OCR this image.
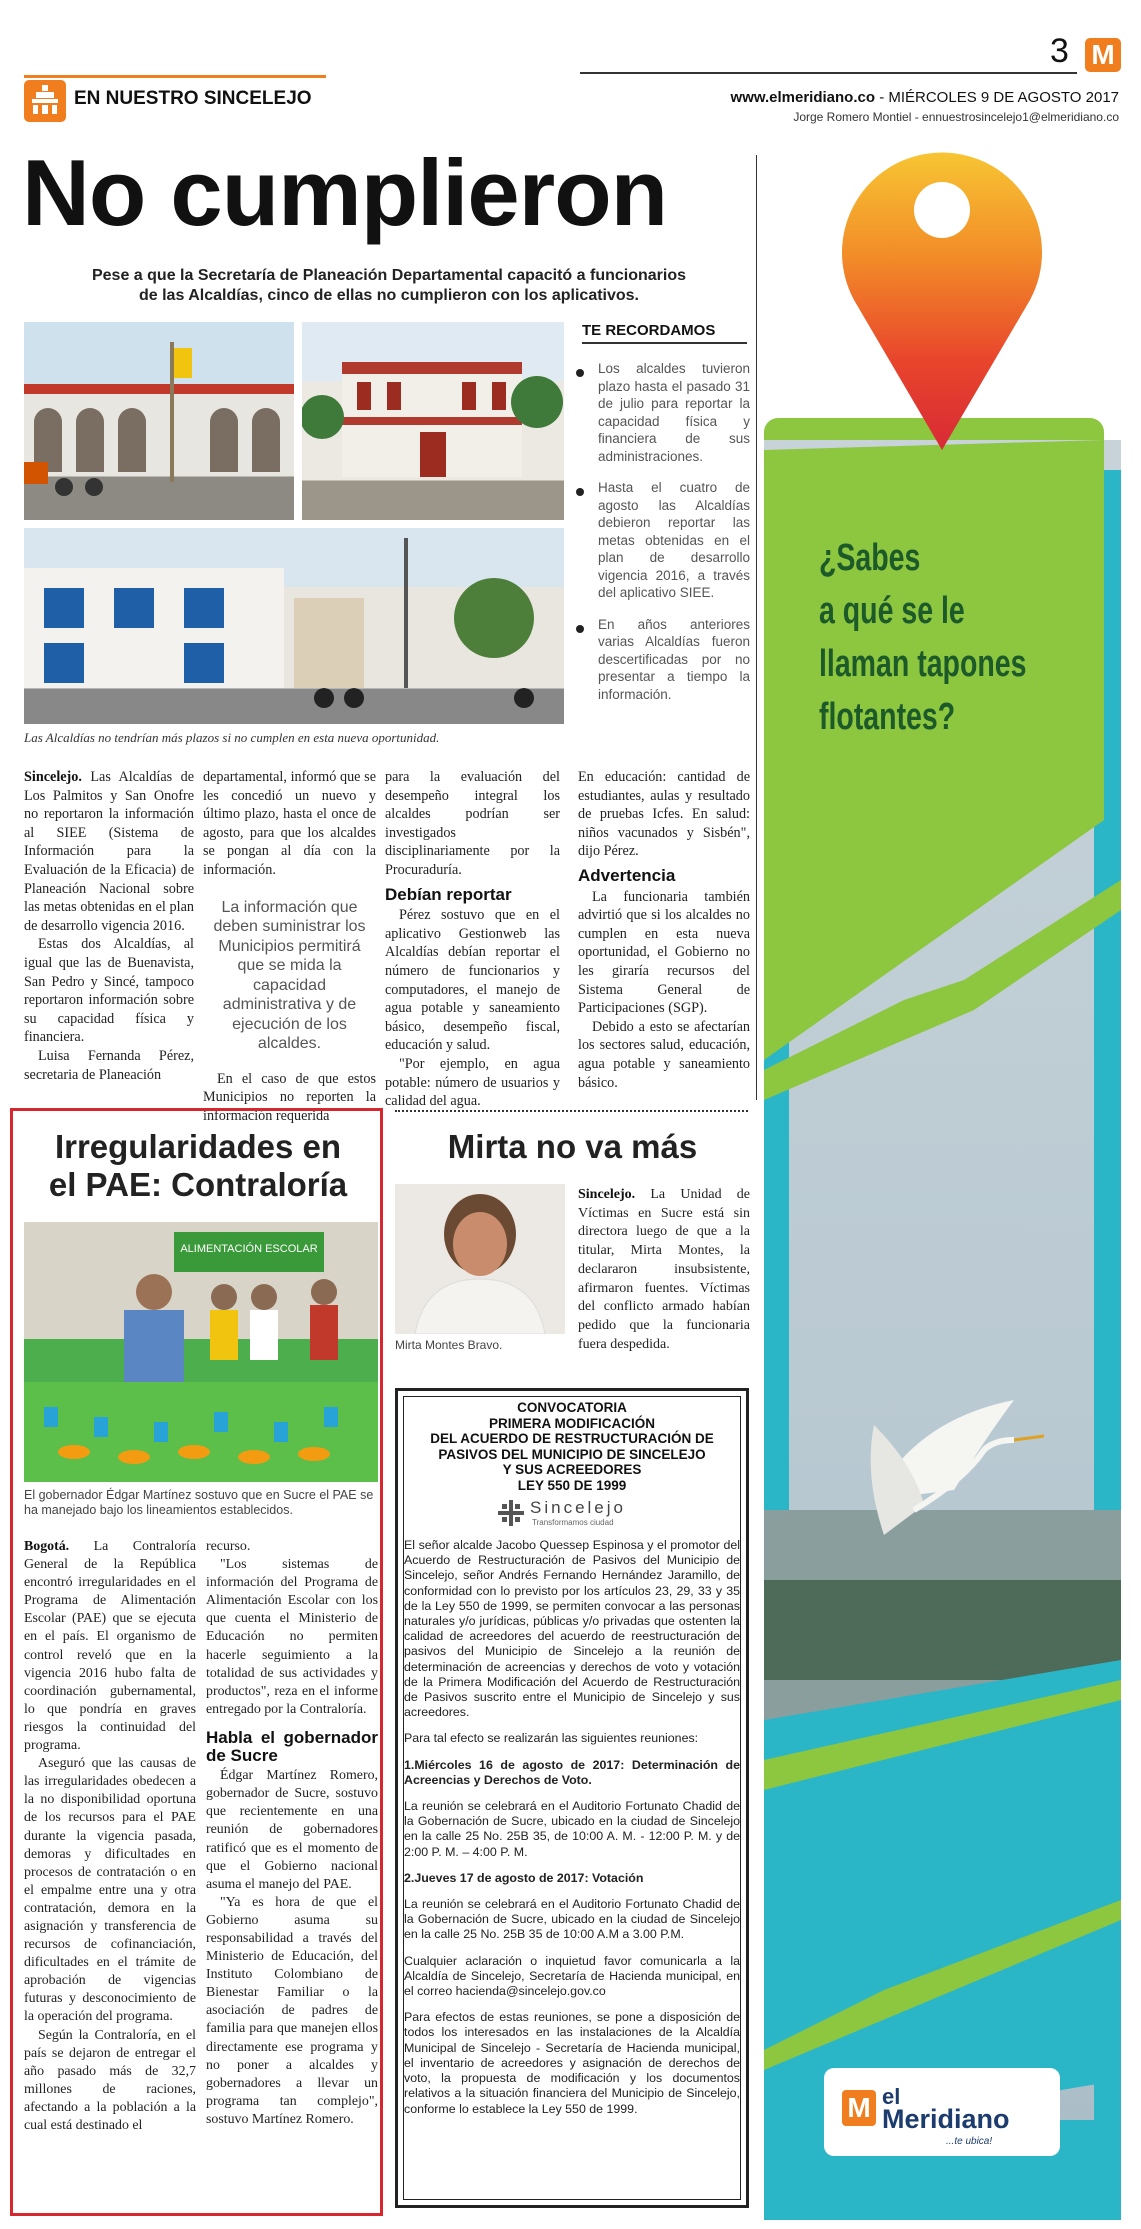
3 M
EN NUESTRO SINCELEJO	www.elmeridiano.co - MIÉRCOLES 9 DE AGOSTO 2017
Jorge Romero Montiel - ennuestrosincelejo1@elmeridiano.co
No cumplieron
Pese a que la Secretaría de Planeación Departamental capacitó a funcionarios
de las Alcaldías, cinco de ellas no cumplieron con los aplicativos.
Las Alcaldías no tendrían más plazos si no cumplen en esta nueva oportunidad.
TE RECORDAMOS
Los alcaldes tuvieron plazo hasta el pasado 31 de julio para reportar la capacidad física y financiera de sus administraciones.
Hasta el cuatro de agosto las Alcaldías debieron reportar las metas obtenidas en el plan de desarrollo vigencia 2016, a través del aplicativo SIEE.
En años anteriores varias Alcaldías fueron descertificadas por no presentar a tiempo la información.

Sincelejo. Las Alcaldías de Los Palmitos y San Onofre no reportaron la información al SIEE (Sistema de Información para la Evaluación de la Eficacia) de Planeación Nacional sobre las metas obtenidas en el plan de desarrollo vigencia 2016.

Estas dos Alcaldías, al igual que las de Buenavista, San Pedro y Sincé, tampoco reportaron información sobre su capacidad física y financiera.

Luisa Fernanda Pérez, secretaria de Planeación

departamental, informó que se les concedió un nuevo y último plazo, hasta el once de agosto, para que los alcaldes se pongan al día con la información.

La información que deben suministrar los Municipios permitirá que se mida la capacidad administrativa y de ejecución de los alcaldes.

En el caso de que estos Municipios no reporten la información requerida

para la evaluación del desempeño integral los alcaldes podrían ser investigados disciplinariamente por la Procuraduría.

Debían reportar

Pérez sostuvo que en el aplicativo Gestionweb las Alcaldías debían reportar el número de funcionarios y computadores, el manejo de agua potable y saneamiento básico, desempeño fiscal, educación y salud.

"Por ejemplo, en agua potable: número de usuarios y calidad del agua.

En educación: cantidad de estudiantes, aulas y resultado de pruebas Icfes. En salud: niños vacunados y Sisbén", dijo Pérez.

Advertencia

La funcionaria también advirtió que si los alcaldes no cumplen en esta nueva oportunidad, el Gobierno no les giraría recursos del Sistema General de Participaciones (SGP).

Debido a esto se afectarían los sectores salud, educación, agua potable y saneamiento básico.

Irregularidades en
el PAE: Contraloría
ALIMENTACIÓN ESCOLAR
El gobernador Édgar Martínez sostuvo que en Sucre el PAE se ha manejado bajo los lineamientos establecidos.

Bogotá. La Contraloría General de la República encontró irregularidades en el Programa de Alimentación Escolar (PAE) que se ejecuta en el país. El organismo de control reveló que en la vigencia 2016 hubo falta de coordinación gubernamental, lo que pondría en graves riesgos la continuidad del programa.

Aseguró que las causas de las irregularidades obedecen a la no disponibilidad oportuna de los recursos para el PAE durante la vigencia pasada, demoras y dificultades en procesos de contratación o en el empalme entre una y otra contratación, demora en la asignación y transferencia de recursos de cofinanciación, dificultades en el trámite de aprobación de vigencias futuras y desconocimiento de la operación del programa.

Según la Contraloría, en el país se dejaron de entregar el año pasado más de 32,7 millones de raciones, afectando a la población a la cual está destinado el

recurso.

"Los sistemas de información del Programa de Alimentación Escolar con los que cuenta el Ministerio de Educación no permiten hacerle seguimiento a la totalidad de sus actividades y productos", reza en el informe entregado por la Contraloría.

Habla el gobernador de Sucre

Édgar Martínez Romero, gobernador de Sucre, sostuvo que recientemente en una reunión de gobernadores ratificó que es el momento de que el Gobierno nacional asuma el manejo del PAE.

"Ya es hora de que el Gobierno asuma su responsabilidad a través del Ministerio de Educación, del Instituto Colombiano de Bienestar Familiar o la asociación de padres de familia para que manejen ellos directamente ese programa y no poner a alcaldes y gobernadores a llevar un programa tan complejo", sostuvo Martínez Romero.

Mirta no va más
Mirta Montes Bravo.

Sincelejo. La Unidad de Víctimas en Sucre está sin directora luego de que a la titular, Mirta Montes, la declararon insubsistente, afirmaron fuentes. Víctimas del conflicto armado habían pedido que la funcionaria fuera despedida.

CONVOCATORIA
PRIMERA MODIFICACIÓN
DEL ACUERDO DE RESTRUCTURACIÓN DE
PASIVOS DEL MUNICIPIO DE SINCELEJO
Y SUS ACREEDORES
LEY 550 DE 1999
Sincelejo
Transformamos ciudad

El señor alcalde Jacobo Quessep Espinosa y el promotor del Acuerdo de Restructuración de Pasivos del Municipio de Sincelejo, señor Andrés Fernando Hernández Jaramillo, de conformidad con lo previsto por los artículos 23, 29, 33 y 35 de la Ley 550 de 1999, se permiten convocar a las personas naturales y/o jurídicas, públicas y/o privadas que ostenten la calidad de acreedores del acuerdo de reestructuración de pasivos del Municipio de Sincelejo a la reunión de determinación de acreencias y derechos de voto y votación de la Primera Modificación del Acuerdo de Restructuración de Pasivos suscrito entre el Municipio de Sincelejo y sus acreedores.

Para tal efecto se realizarán las siguientes reuniones:

1.Miércoles 16 de agosto de 2017: Determinación de Acreencias y Derechos de Voto.

La reunión se celebrará en el Auditorio Fortunato Chadid de la Gobernación de Sucre, ubicado en la ciudad de Sincelejo en la calle 25 No. 25B 35, de 10:00 A. M. - 12:00 P. M. y de 2:00 P. M. – 4:00 P. M.

2.Jueves 17 de agosto de 2017: Votación

La reunión se celebrará en el Auditorio Fortunato Chadid de la Gobernación de Sucre, ubicado en la ciudad de Sincelejo en la calle 25 No. 25B 35 de 10:00 A.M a 3.00 P.M.

Cualquier aclaración o inquietud favor comunicarla a la Alcaldía de Sincelejo, Secretaría de Hacienda municipal, en el correo hacienda@sincelejo.gov.co

Para efectos de estas reuniones, se pone a disposición de todos los interesados en las instalaciones de la Alcaldía Municipal de Sincelejo - Secretaría de Hacienda municipal, el inventario de acreedores y asignación de derechos de voto, la propuesta de modificación y los documentos relativos a la situación financiera del Municipio de Sincelejo, conforme lo establece la Ley 550 de 1999.

¿Sabes
a qué se le
llaman tapones
flotantes?
M el
Meridiano
...te ubica!
